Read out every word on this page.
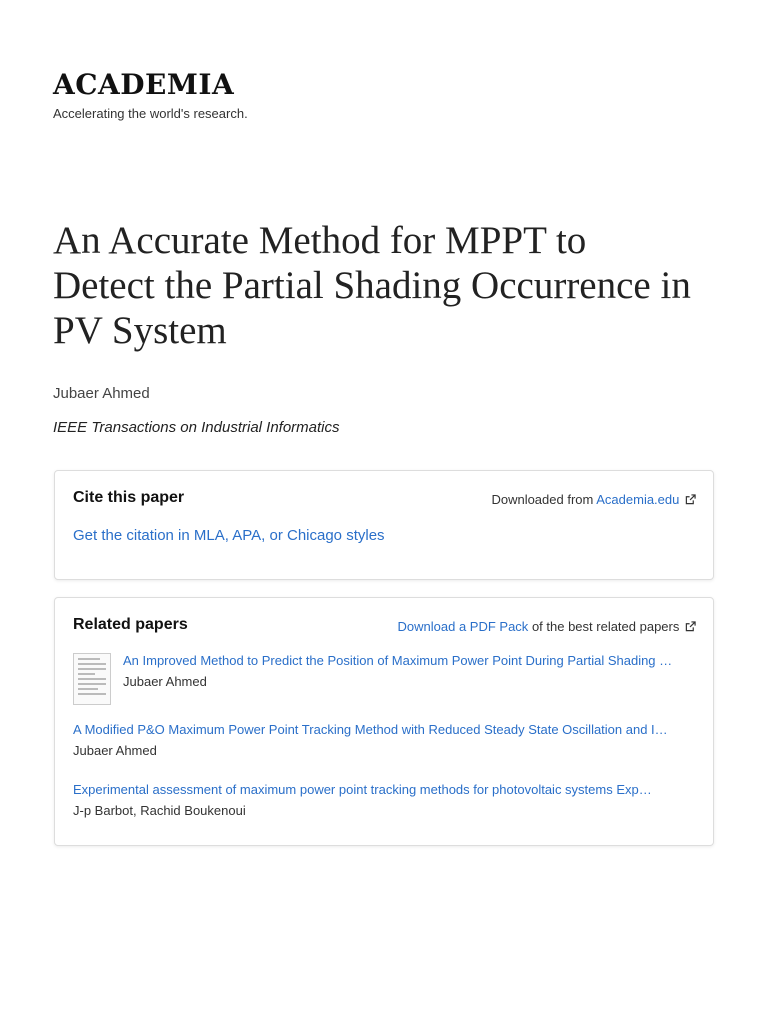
ACADEMIA
Accelerating the world's research.
An Accurate Method for MPPT to Detect the Partial Shading Occurrence in PV System
Jubaer Ahmed
IEEE Transactions on Industrial Informatics
Cite this paper	Downloaded from Academia.edu
Get the citation in MLA, APA, or Chicago styles
Related papers	Download a PDF Pack of the best related papers
An Improved Method to Predict the Position of Maximum Power Point During Partial Shading …
Jubaer Ahmed
A Modified P&O Maximum Power Point Tracking Method with Reduced Steady State Oscillation and I…
Jubaer Ahmed
Experimental assessment of maximum power point tracking methods for photovoltaic systems Exp…
J-p Barbot, Rachid Boukenoui
